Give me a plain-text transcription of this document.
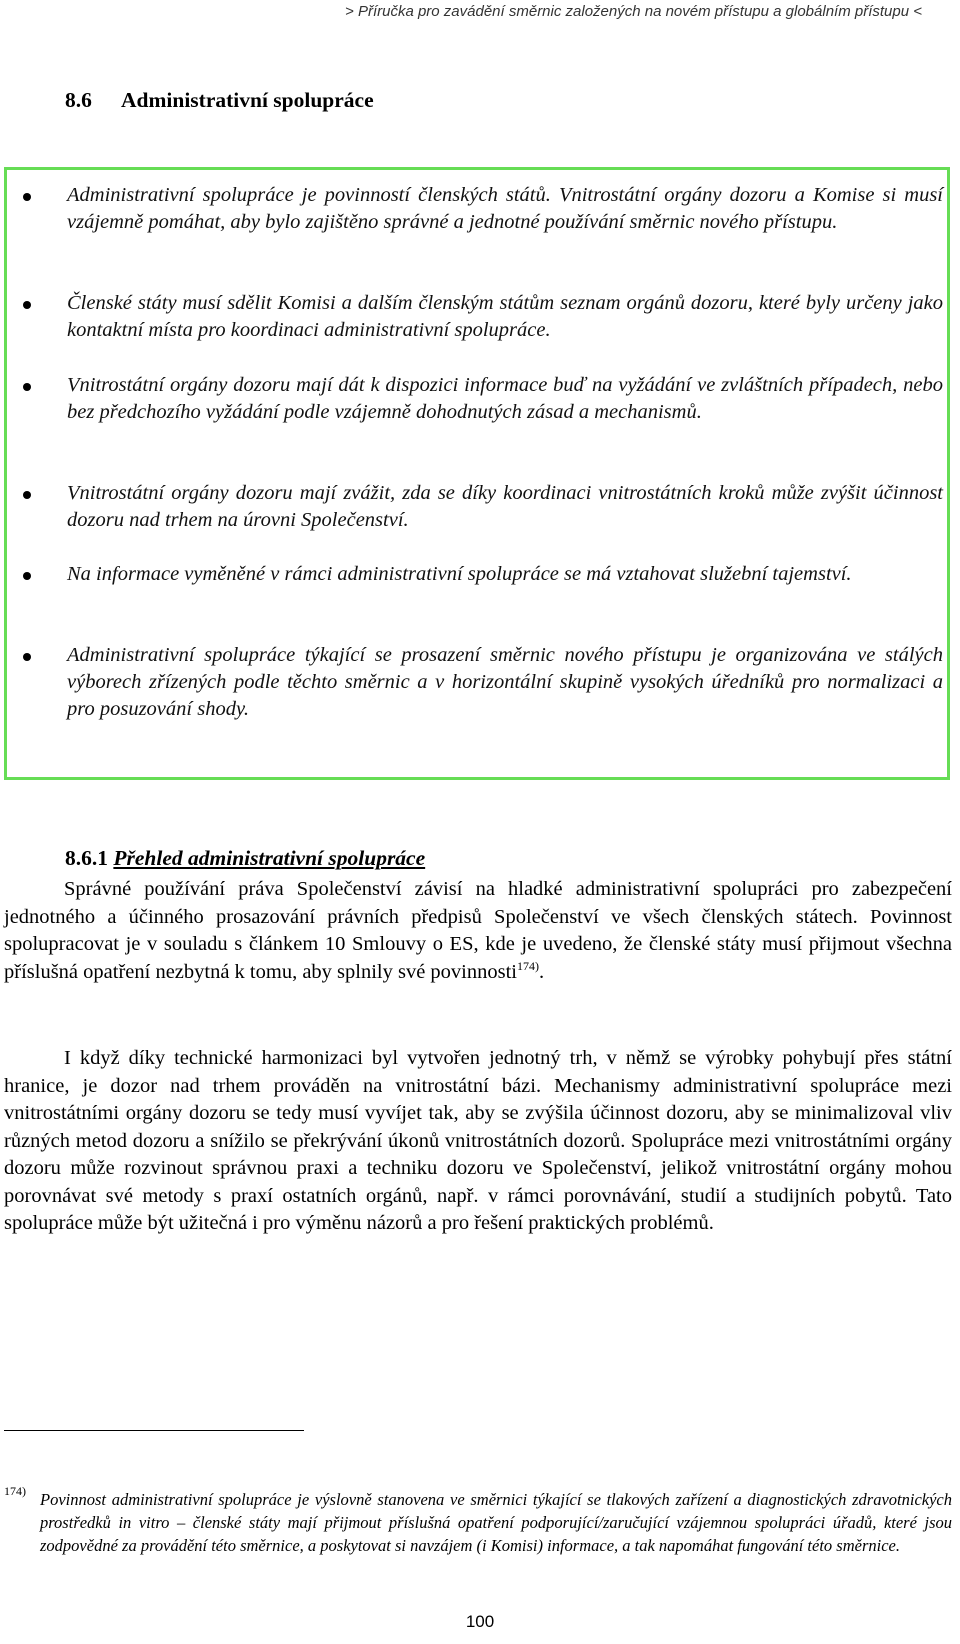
> Příručka pro zavádění směrnic založených na novém přístupu a globálním přístupu <
8.6 Administrativní spolupráce
Administrativní spolupráce je povinností členských států. Vnitrostátní orgány dozoru a Komise si musí vzájemně pomáhat, aby bylo zajištěno správné a jednotné používání směrnic nového přístupu.
Členské státy musí sdělit Komisi a dalším členským státům seznam orgánů dozoru, které byly určeny jako kontaktní místa pro koordinaci administrativní spolupráce.
Vnitrostátní orgány dozoru mají dát k dispozici informace buď na vyžádání ve zvláštních případech, nebo bez předchozího vyžádání podle vzájemně dohodnutých zásad a mechanismů.
Vnitrostátní orgány dozoru mají zvážit, zda se díky koordinaci vnitrostátních kroků může zvýšit účinnost dozoru nad trhem na úrovni Společenství.
Na informace vyměněné v rámci administrativní spolupráce se má vztahovat služební tajemství.
Administrativní spolupráce týkající se prosazení směrnic nového přístupu je organizována ve stálých výborech zřízených podle těchto směrnic a v horizontální skupině vysokých úředníků pro normalizaci a pro posuzování shody.
8.6.1 Přehled administrativní spolupráce

Správné používání práva Společenství závisí na hladké administrativní spolupráci pro zabezpečení jednotného a účinného prosazování právních předpisů Společenství ve všech členských státech. Povinnost spolupracovat je v souladu s článkem 10 Smlouvy o ES, kde je uvedeno, že členské státy musí přijmout všechna příslušná opatření nezbytná k tomu, aby splnily své povinnosti$^{174)}$.

I když díky technické harmonizaci byl vytvořen jednotný trh, v němž se výrobky pohybují přes státní hranice, je dozor nad trhem prováděn na vnitrostátní bázi. Mechanismy administrativní spolupráce mezi vnitrostátními orgány dozoru se tedy musí vyvíjet tak, aby se zvýšila účinnost dozoru, aby se minimalizoval vliv různých metod dozoru a snížilo se překrývání úkonů vnitrostátních dozorů. Spolupráce mezi vnitrostátními orgány dozoru může rozvinout správnou praxi a techniku dozoru ve Společenství, jelikož vnitrostátní orgány mohou porovnávat své metody s praxí ostatních orgánů, např. v rámci porovnávání, studií a studijních pobytů. Tato spolupráce může být užitečná i pro výměnu názorů a pro řešení praktických problémů.

174) Povinnost administrativní spolupráce je výslovně stanovena ve směrnici týkající se tlakových zařízení a diagnostických zdravotnických prostředků in vitro – členské státy mají přijmout příslušná opatření podporující/zaručující vzájemnou spolupráci úřadů, které jsou zodpovědné za provádění této směrnice, a poskytovat si navzájem (i Komisi) informace, a tak napomáhat fungování této směrnice.
100
